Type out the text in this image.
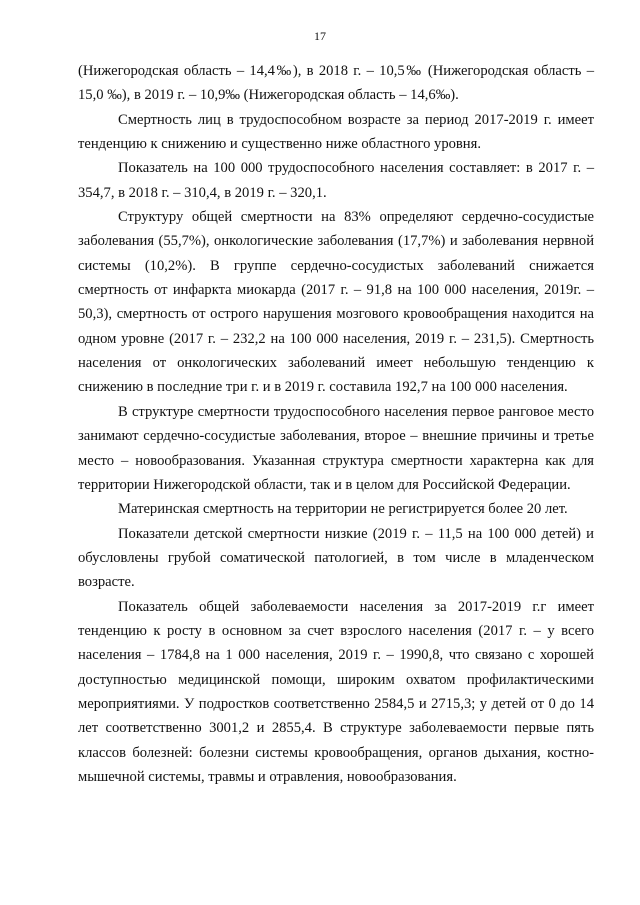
17

(Нижегородская область – 14,4‰), в 2018 г. – 10,5‰ (Нижегородская область – 15,0 ‰), в 2019 г. – 10,9‰ (Нижегородская область – 14,6‰).

Смертность лиц в трудоспособном возрасте за период 2017-2019 г. имеет тенденцию к снижению и существенно ниже областного уровня.

Показатель на 100 000 трудоспособного населения составляет: в 2017 г. – 354,7, в 2018 г. – 310,4, в 2019 г. – 320,1.

Структуру общей смертности на 83% определяют сердечно-сосудистые заболевания (55,7%), онкологические заболевания (17,7%) и заболевания нервной системы (10,2%). В группе сердечно-сосудистых заболеваний снижается смертность от инфаркта миокарда (2017 г. – 91,8 на 100 000 населения, 2019г. – 50,3), смертность от острого нарушения мозгового кровообращения находится на одном уровне (2017 г. – 232,2 на 100 000 населения, 2019 г. – 231,5). Смертность населения от онкологических заболеваний имеет небольшую тенденцию к снижению в последние три г. и в 2019 г. составила 192,7 на 100 000 населения.

В структуре смертности трудоспособного населения первое ранговое место занимают сердечно-сосудистые заболевания, второе – внешние причины и третье место – новообразования. Указанная структура смертности характерна как для территории Нижегородской области, так и в целом для Российской Федерации.

Материнская смертность на территории не регистрируется более 20 лет.

Показатели детской смертности низкие (2019 г. – 11,5 на 100 000 детей) и обусловлены грубой соматической патологией, в том числе в младенческом возрасте.

Показатель общей заболеваемости населения за 2017-2019 г.г имеет тенденцию к росту в основном за счет взрослого населения (2017 г. – у всего населения – 1784,8 на 1 000 населения, 2019 г. – 1990,8, что связано с хорошей доступностью медицинской помощи, широким охватом профилактическими мероприятиями. У подростков соответственно 2584,5 и 2715,3; у детей от 0 до 14 лет соответственно 3001,2 и 2855,4. В структуре заболеваемости первые пять классов болезней: болезни системы кровообращения, органов дыхания, костно-мышечной системы, травмы и отравления, новообразования.
